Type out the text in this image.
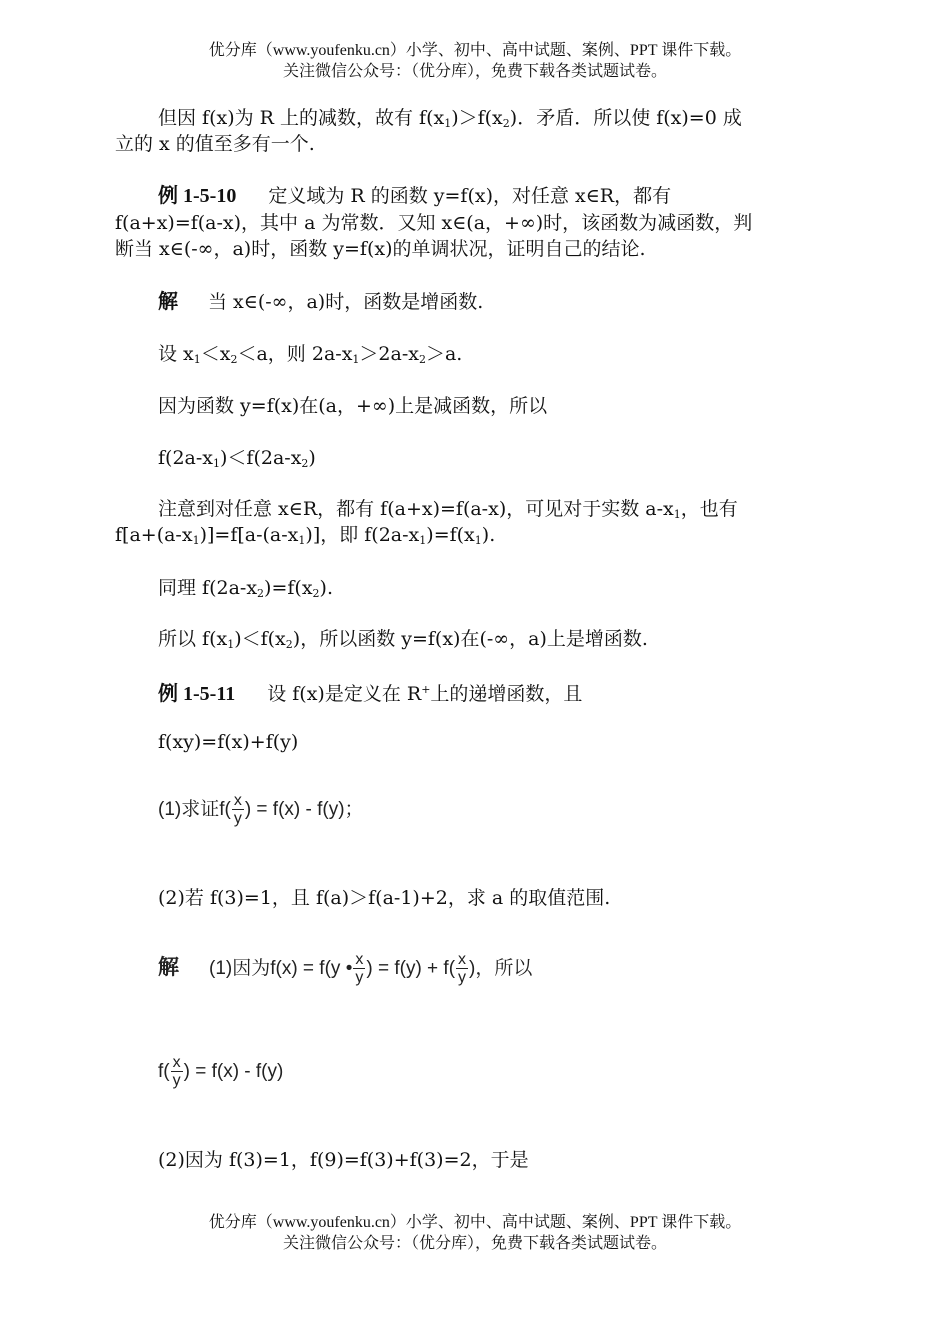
优分库（www.youfenku.cn）小学、初中、高中试题、案例、PPT 课件下载。
关注微信公众号：（优分库），免费下载各类试题试卷。
但因 f(x)为 R 上的减数，故有 $f(x_1)>f(x_2)$．矛盾．所以使 f(x)=0 成
立的 x 的值至多有一个.
例 1-5-10 定义域为 R 的函数 y=f(x)，对任意 x∈R，都有
f(a+x)=f(a-x)，其中 a 为常数．又知 x∈(a，+∞)时，该函数为减函数，判
断当 x∈(-∞，a)时，函数 y=f(x)的单调状况，证明自己的结论.
解 当 x∈(-∞，a)时，函数是增函数.
设 $x_1<x_2<a$，则 $2a-x_1>2a-x_2>a$.
因为函数 y=f(x)在(a，+∞)上是减函数，所以
$f(2a-x_1)<f(2a-x_2)$
注意到对任意 x∈R，都有 f(a+x)=f(a-x)，可见对于实数 $a-x_1$，也有
$f[a+(a-x_1)]=f[a-(a-x_1)]$，即 $f(2a-x_1)=f(x_1)$.
同理 $f(2a-x_2)=f(x_2)$.
所以 $f(x_1)<f(x_2)$，所以函数 y=f(x)在(-∞，a)上是增函数.
例 1-5-11 设 f(x)是定义在 R+上的递增函数，且
f(xy)=f(x)+f(y)
(1)求证$f( \frac{x}{y}$ ) = f(x) - f(y)；
(2)若 f(3)=1，且 f(a)＞f(a-1)+2，求 a 的取值范围.
解 (1)因为f(x) = f(y • $\frac{x}{y}$ ) = $f(y) + f( \frac{x}{y}$ )，所以
$f( \frac{x}{y}$ ) = f(x) - f(y)
(2)因为 f(3)=1，f(9)=f(3)+f(3)=2，于是
优分库（www.youfenku.cn）小学、初中、高中试题、案例、PPT 课件下载。
关注微信公众号：（优分库），免费下载各类试题试卷。
